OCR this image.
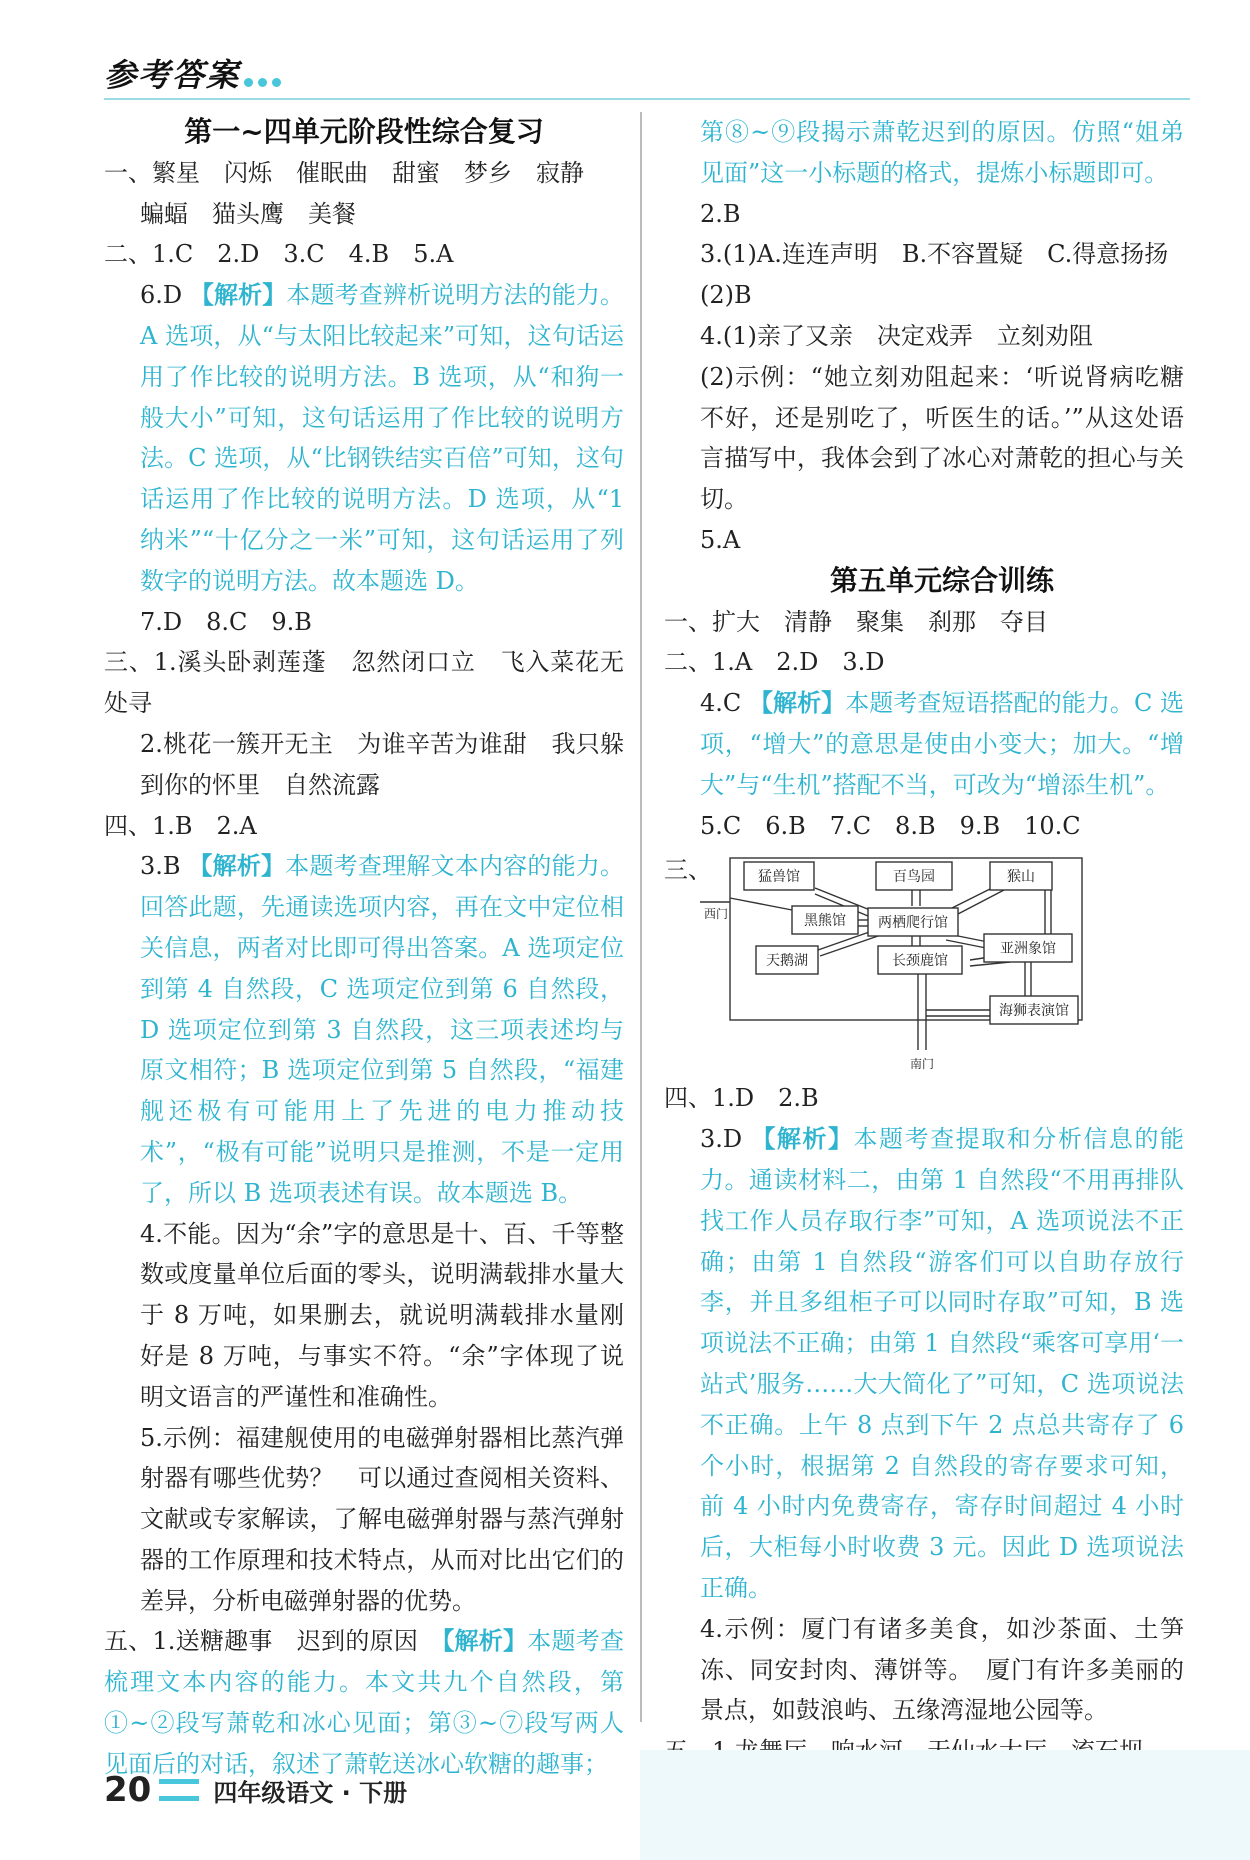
参考答案

第一~四单元阶段性综合复习

一、繁星　闪烁　催眠曲　甜蜜　梦乡　寂静

蝙蝠　猫头鹰　美餐

二、1.C　2.D　3.C　4.B　5.A

6.D 【解析】本题考查辨析说明方法的能力。A 选项，从“与太阳比较起来”可知，这句话运用了作比较的说明方法。B 选项，从“和狗一般大小”可知，这句话运用了作比较的说明方法。C 选项，从“比钢铁结实百倍”可知，这句话运用了作比较的说明方法。D 选项，从“1 纳米”“十亿分之一米”可知，这句话运用了列数字的说明方法。故本题选 D。

7.D　8.C　9.B

三、1.溪头卧剥莲蓬　忽然闭口立　飞入菜花无处寻

2.桃花一簇开无主　为谁辛苦为谁甜　我只躲到你的怀里　自然流露

四、1.B　2.A

3.B 【解析】本题考查理解文本内容的能力。回答此题，先通读选项内容，再在文中定位相关信息，两者对比即可得出答案。A 选项定位到第 4 自然段，C 选项定位到第 6 自然段，D 选项定位到第 3 自然段，这三项表述均与原文相符；B 选项定位到第 5 自然段，“福建舰还极有可能用上了先进的电力推动技术”，“极有可能”说明只是推测，不是一定用了，所以 B 选项表述有误。故本题选 B。

4.不能。因为“余”字的意思是十、百、千等整数或度量单位后面的零头，说明满载排水量大于 8 万吨，如果删去，就说明满载排水量刚好是 8 万吨，与事实不符。“余”字体现了说明文语言的严谨性和准确性。

5.示例：福建舰使用的电磁弹射器相比蒸汽弹射器有哪些优势？　可以通过查阅相关资料、文献或专家解读，了解电磁弹射器与蒸汽弹射器的工作原理和技术特点，从而对比出它们的差异，分析电磁弹射器的优势。

五、1.送糖趣事　迟到的原因　【解析】本题考查梳理文本内容的能力。本文共九个自然段，第①~②段写萧乾和冰心见面；第③~⑦段写两人见面后的对话，叙述了萧乾送冰心软糖的趣事；

第⑧~⑨段揭示萧乾迟到的原因。仿照“姐弟见面”这一小标题的格式，提炼小标题即可。

2.B

3.(1)A.连连声明　B.不容置疑　C.得意扬扬

(2)B

4.(1)亲了又亲　决定戏弄　立刻劝阻

(2)示例：“她立刻劝阻起来：‘听说肾病吃糖不好，还是别吃了，听医生的话。’”从这处语言描写中，我体会到了冰心对萧乾的担心与关切。

5.A

第五单元综合训练

一、扩大　清静　聚集　刹那　夺目

二、1.A　2.D　3.D

4.C 【解析】本题考查短语搭配的能力。C 选项，“增大”的意思是使由小变大；加大。“增大”与“生机”搭配不当，可改为“增添生机”。

5.C　6.B　7.C　8.B　9.B　10.C

三、	猛兽馆	百鸟园	猴山
黑熊馆 两栖爬行馆
亚洲象馆
天鹅湖	长颈鹿馆
海狮表演馆
西门
南门

四、1.D　2.B

3.D 【解析】本题考查提取和分析信息的能力。通读材料二，由第 1 自然段“不用再排队找工作人员存取行李”可知，A 选项说法不正确；由第 1 自然段“游客们可以自助存放行李，并且多组柜子可以同时存取”可知，B 选项说法不正确；由第 1 自然段“乘客可享用‘一站式’服务……大大简化了”可知，C 选项说法不正确。上午 8 点到下午 2 点总共寄存了 6 个小时，根据第 2 自然段的寄存要求可知，前 4 小时内免费寄存，寄存时间超过 4 小时后，大柜每小时收费 3 元。因此 D 选项说法正确。

4.示例：厦门有诸多美食，如沙茶面、土笋冻、同安封肉、薄饼等。　厦门有许多美丽的景点，如鼓浪屿、五缘湾湿地公园等。

20	四年级语文 · 下册
